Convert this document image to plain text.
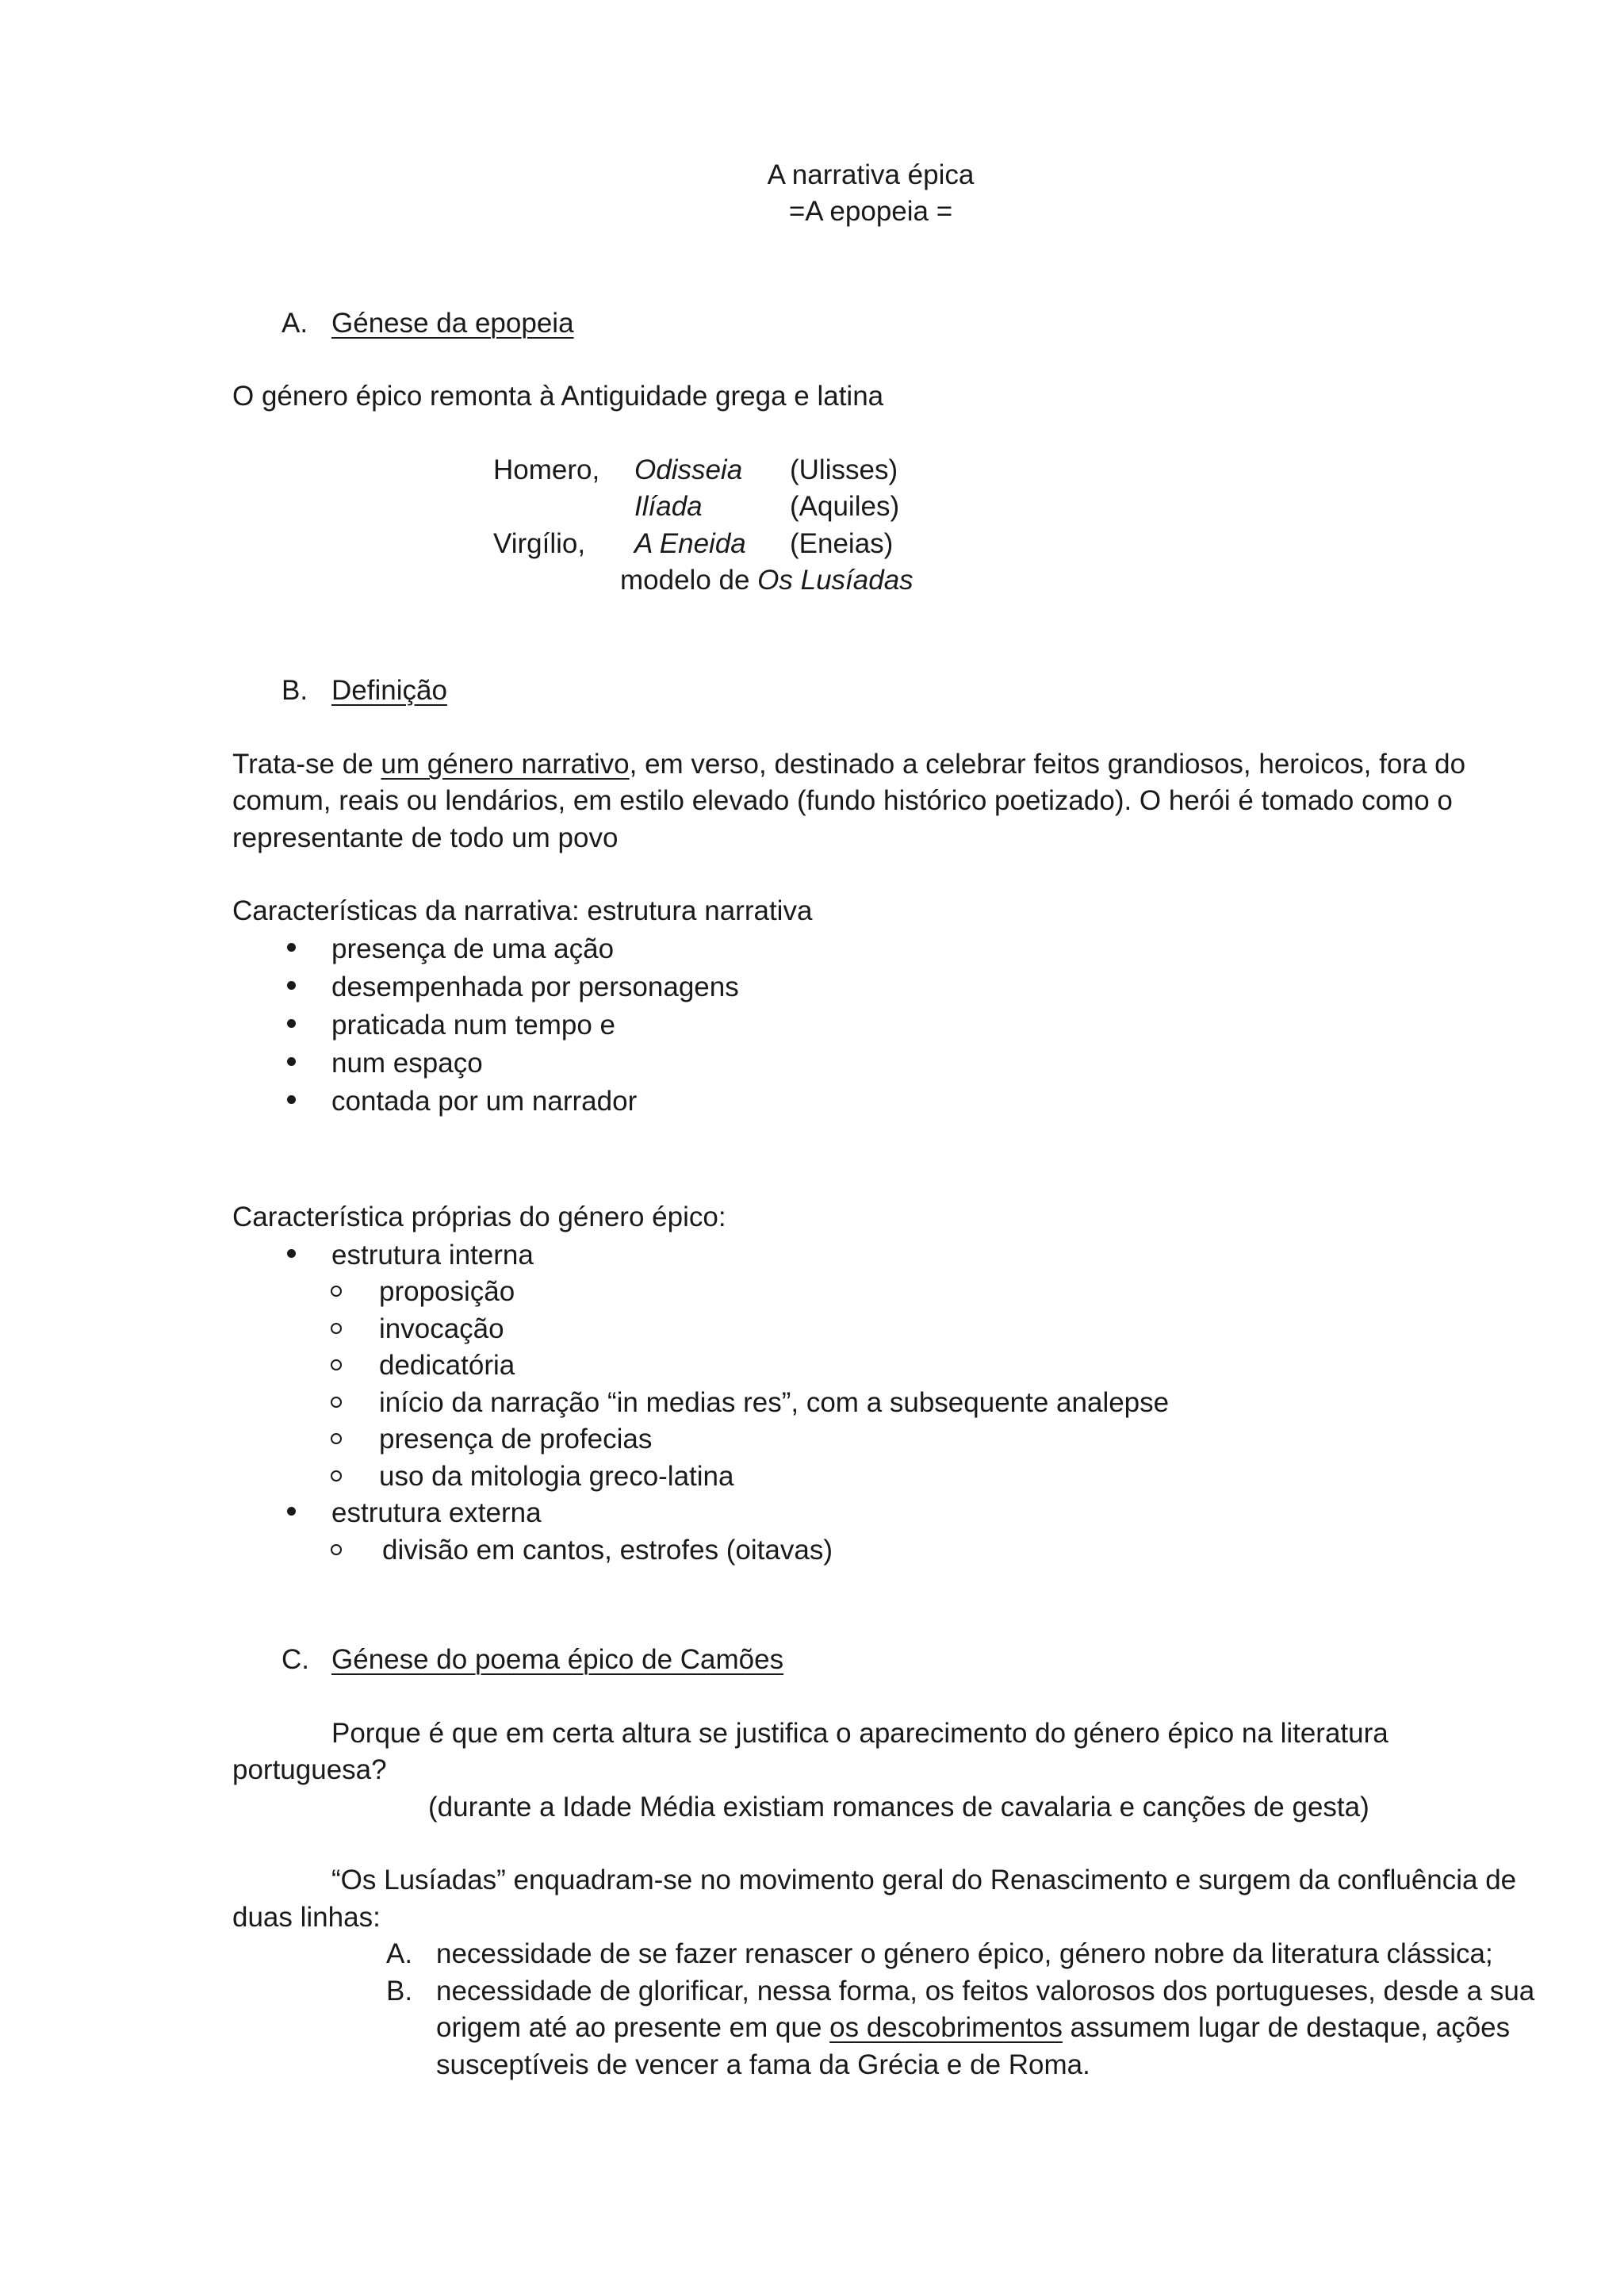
A narrativa épica
=A epopeia =
A. Génese da epopeia
O género épico remonta à Antiguidade grega e latina
Homero, Odisseia (Ulisses)
Ilíada	(Aquiles)
Virgílio, A Eneida (Eneias)
modelo de Os Lusíadas
B. Definição
Trata-se de um género narrativo, em verso, destinado a celebrar feitos grandiosos, heroicos, fora do
comum, reais ou lendários, em estilo elevado (fundo histórico poetizado). O herói é tomado como o
representante de todo um povo
Características da narrativa: estrutura narrativa
presença de uma ação
desempenhada por personagens
praticada num tempo e
num espaço
contada por um narrador
Característica próprias do género épico:
estrutura interna
proposição
invocação
dedicatória
início da narração “in medias res”, com a subsequente analepse
presença de profecias
uso da mitologia greco-latina
estrutura externa
divisão em cantos, estrofes (oitavas)
C. Génese do poema épico de Camões
Porque é que em certa altura se justifica o aparecimento do género épico na literatura
portuguesa?
(durante a Idade Média existiam romances de cavalaria e canções de gesta)
“Os Lusíadas” enquadram-se no movimento geral do Renascimento e surgem da confluência de
duas linhas:
A. necessidade de se fazer renascer o género épico, género nobre da literatura clássica;
B. necessidade de glorificar, nessa forma, os feitos valorosos dos portugueses, desde a sua
origem até ao presente em que os descobrimentos assumem lugar de destaque, ações
susceptíveis de vencer a fama da Grécia e de Roma.
